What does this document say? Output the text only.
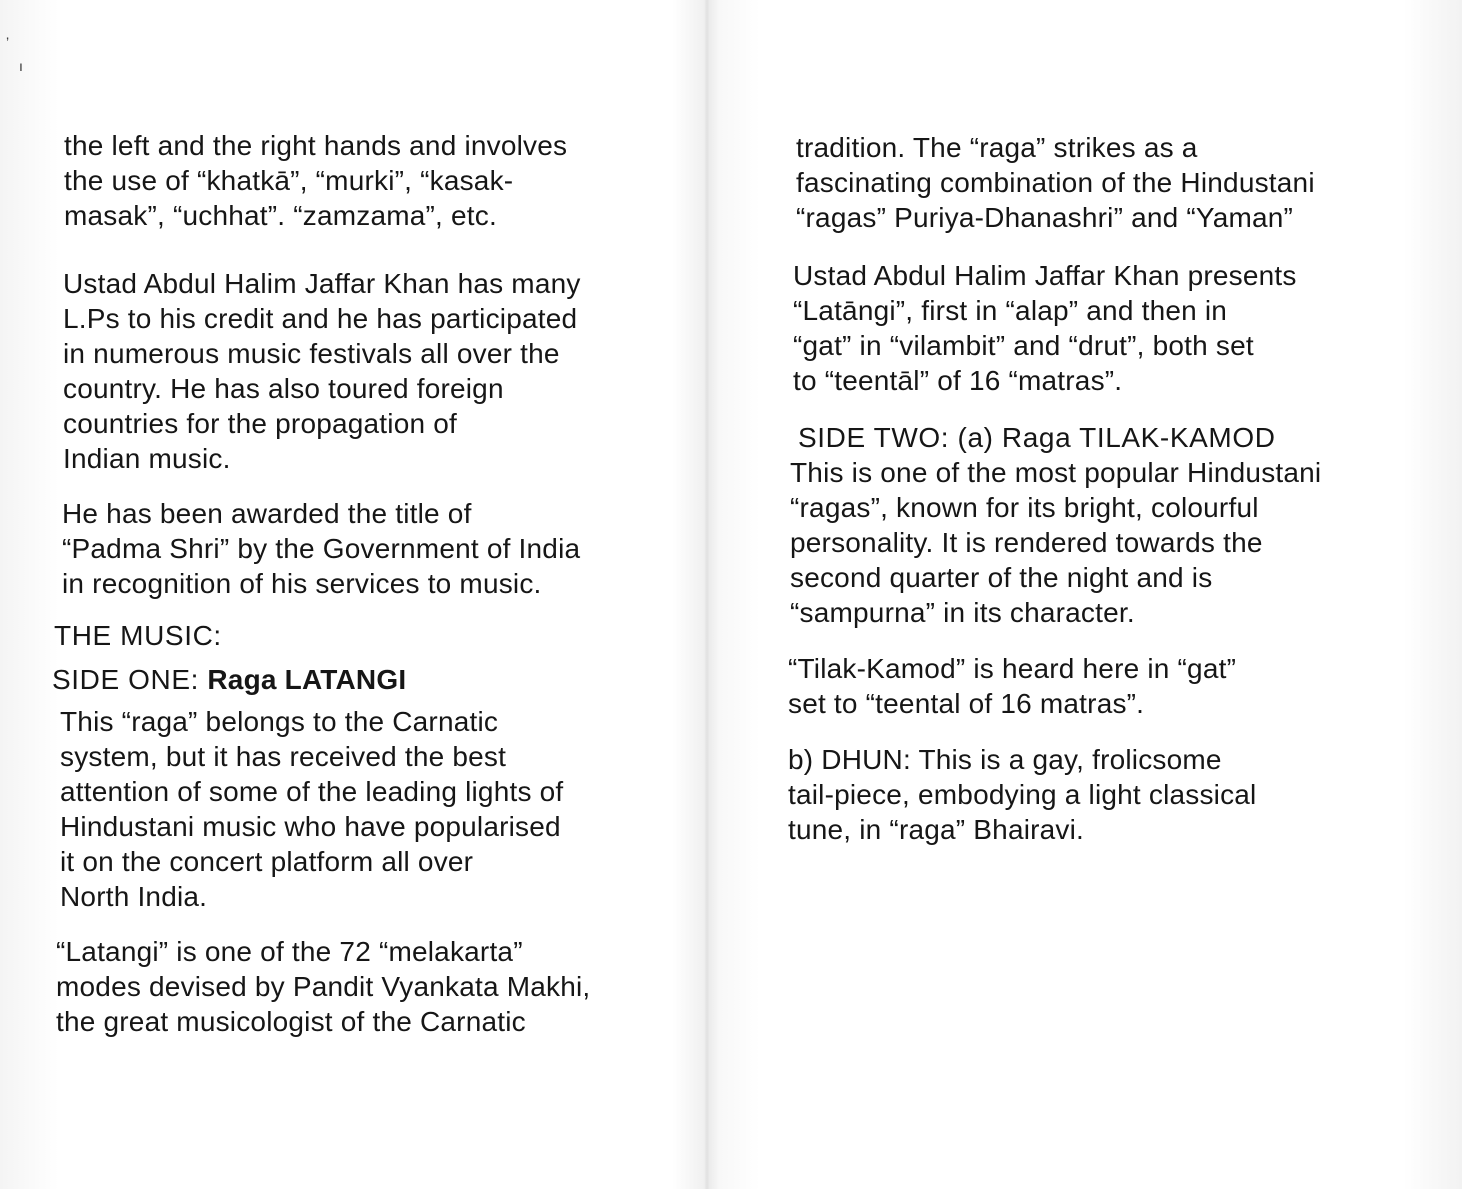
’
ı
the left and the right hands and involves
the use of “khatkā”, “murki”, “kasak-
masak”, “uchhat”. “zamzama”, etc.
Ustad Abdul Halim Jaffar Khan has many
L.Ps to his credit and he has participated
in numerous music festivals all over the
country. He has also toured foreign
countries for the propagation of
Indian music.
He has been awarded the title of
“Padma Shri” by the Government of India
in recognition of his services to music.
THE MUSIC:
SIDE ONE: Raga LATANGI
This “raga” belongs to the Carnatic
system, but it has received the best
attention of some of the leading lights of
Hindustani music who have popularised
it on the concert platform all over
North India.
“Latangi” is one of the 72 “melakarta”
modes devised by Pandit Vyankata Makhi,
the great musicologist of the Carnatic
tradition. The “raga” strikes as a
fascinating combination of the Hindustani
“ragas” Puriya-Dhanashri” and “Yaman”
Ustad Abdul Halim Jaffar Khan presents
“Latāngi”, first in “alap” and then in
“gat” in “vilambit” and “drut”, both set
to “teentāl” of 16 “matras”.
SIDE TWO: (a) Raga TILAK-KAMOD
This is one of the most popular Hindustani
“ragas”, known for its bright, colourful
personality. It is rendered towards the
second quarter of the night and is
“sampurna” in its character.
“Tilak-Kamod” is heard here in “gat”
set to “teental of 16 matras”.
b) DHUN: This is a gay, frolicsome
tail-piece, embodying a light classical
tune, in “raga” Bhairavi.
